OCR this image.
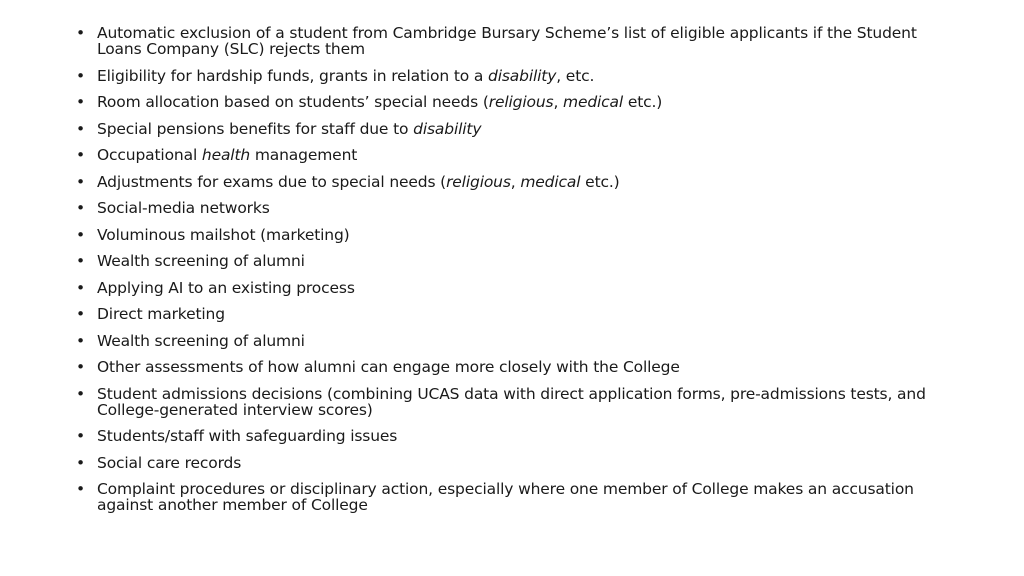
• Automatic exclusion of a student from Cambridge Bursary Scheme’s list of eligible applicants if the Student Loans Company (SLC) rejects them
• Eligibility for hardship funds, grants in relation to a disability, etc.
• Room allocation based on students’ special needs (religious, medical etc.)
• Special pensions benefits for staff due to disability
• Occupational health management
• Adjustments for exams due to special needs (religious, medical etc.)
• Social-media networks
• Voluminous mailshot (marketing)
• Wealth screening of alumni
• Applying AI to an existing process
• Direct marketing
• Wealth screening of alumni
• Other assessments of how alumni can engage more closely with the College
• Student admissions decisions (combining UCAS data with direct application forms, pre-admissions tests, and College-generated interview scores)
• Students/staff with safeguarding issues
• Social care records
• Complaint procedures or disciplinary action, especially where one member of College makes an accusation against another member of College
